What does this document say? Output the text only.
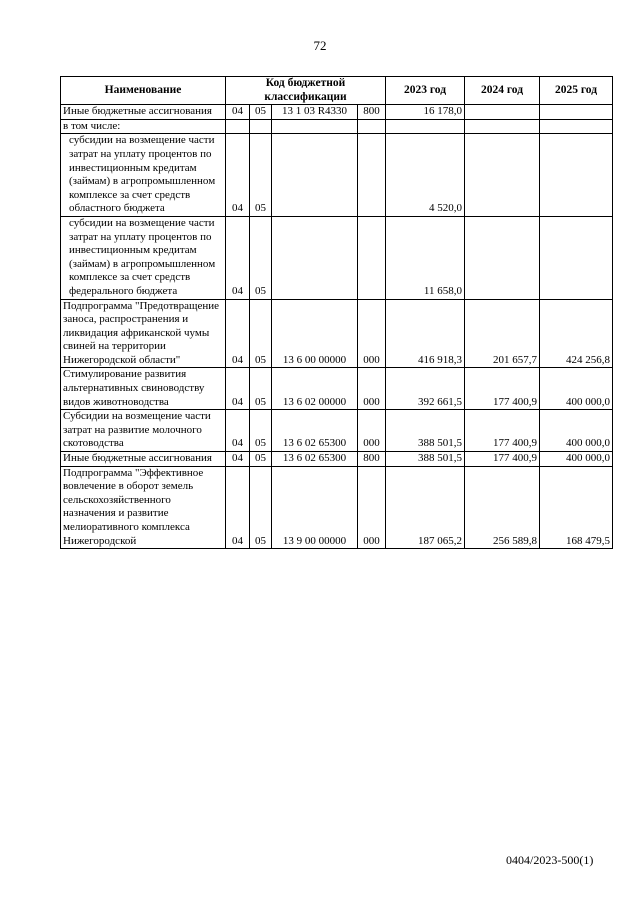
72
Наименование	Код бюджетной классификации				2023 год	2024 год	2025 год
Иные бюджетные ассигнования	04	05	13 1 03 R4330	800	16 178,0		
в том числе:							
субсидии на возмещение части затрат на уплату процентов по инвестиционным кредитам (займам) в агропромышленном комплексе за счет средств областного бюджета	04	05			4 520,0		
субсидии на возмещение части затрат на уплату процентов по инвестиционным кредитам (займам) в агропромышленном комплексе за счет средств федерального бюджета	04	05			11 658,0		
Подпрограмма "Предотвращение заноса, распространения и ликвидация африканской чумы свиней на территории Нижегородской области"	04	05	13 6 00 00000	000	416 918,3	201 657,7	424 256,8
Стимулирование развития альтернативных свиноводству видов животноводства	04	05	13 6 02 00000	000	392 661,5	177 400,9	400 000,0
Субсидии на возмещение части затрат на развитие молочного скотоводства	04	05	13 6 02 65300	000	388 501,5	177 400,9	400 000,0
Иные бюджетные ассигнования	04	05	13 6 02 65300	800	388 501,5	177 400,9	400 000,0
Подпрограмма "Эффективное вовлечение в оборот земель сельскохозяйственного назначения и развитие мелиоративного комплекса Нижегородской	04	05	13 9 00 00000	000	187 065,2	256 589,8	168 479,5
0404/2023-500(1)
